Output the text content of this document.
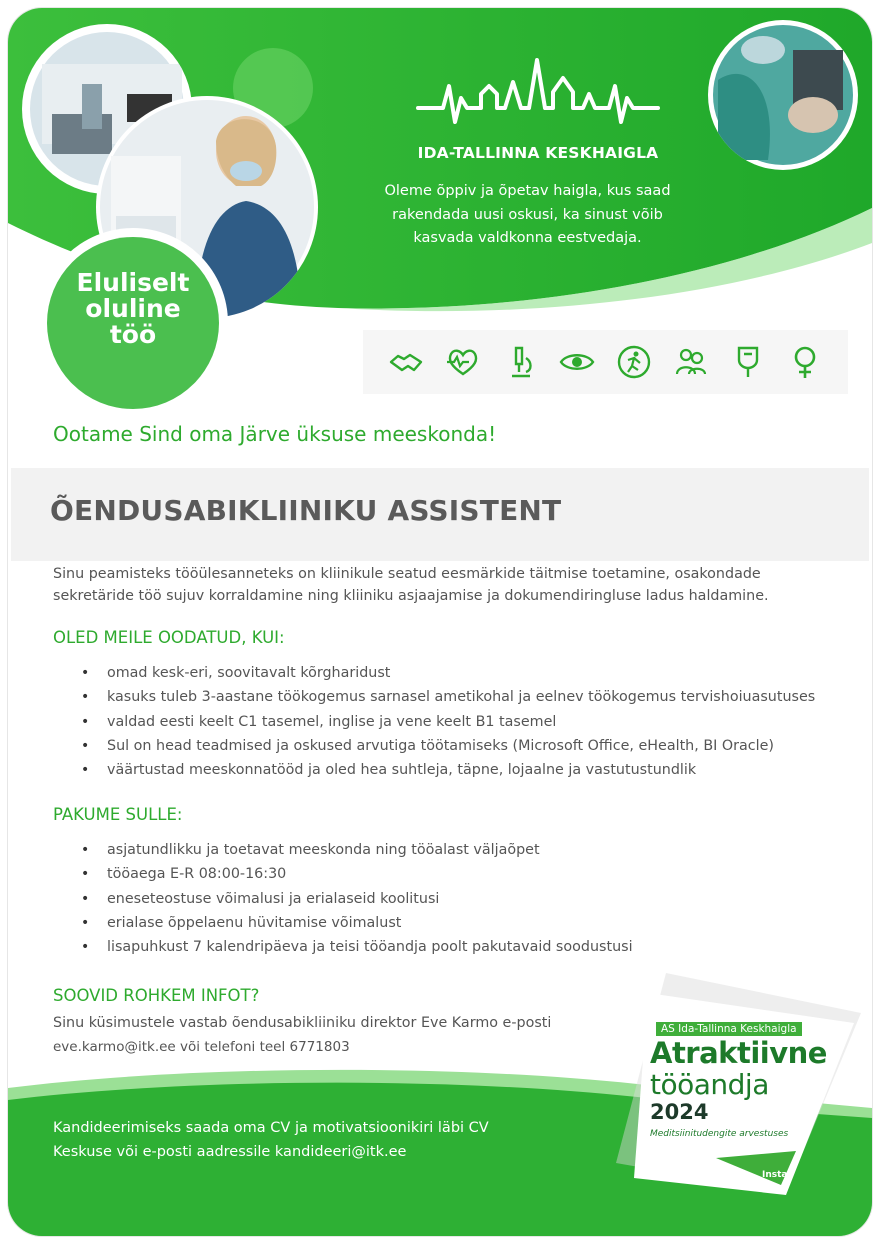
Eluliselt
oluline
töö
IDA-TALLINNA KESKHAIGLA
Oleme õppiv ja õpetav haigla, kus saad rakendada uusi oskusi, ka sinust võib kasvada valdkonna eestvedaja.
Ootame Sind oma Järve üksuse meeskonda!
ÕENDUSABIKLIINIKU ASSISTENT
Sinu peamisteks tööülesanneteks on kliinikule seatud eesmärkide täitmise toetamine, osakondade sekretäride töö sujuv korraldamine ning kliiniku asjaajamise ja dokumendiringluse ladus haldamine.
OLED MEILE OODATUD, KUI:
• omad kesk-eri, soovitavalt kõrgharidust
• kasuks tuleb 3-aastane töökogemus sarnasel ametikohal ja eelnev töökogemus tervishoiuasutuses
• valdad eesti keelt C1 tasemel, inglise ja vene keelt B1 tasemel
• Sul on head teadmised ja oskused arvutiga töötamiseks (Microsoft Office, eHealth, BI Oracle)
• väärtustad meeskonnatööd ja oled hea suhtleja, täpne, lojaalne ja vastutustundlik
PAKUME SULLE:
• asjatundlikku ja toetavat meeskonda ning tööalast väljaõpet
• tööaega E-R 08:00-16:30
• eneseteostuse võimalusi ja erialaseid koolitusi
• erialase õppelaenu hüvitamise võimalust
• lisapuhkust 7 kalendripäeva ja teisi tööandja poolt pakutavaid soodustusi
SOOVID ROHKEM INFOT?
Sinu küsimustele vastab õendusabikliiniku direktor Eve Karmo e-posti
eve.karmo@itk.ee või telefoni teel 6771803
Kandideerimiseks saada oma CV ja motivatsioonikiri läbi CV
Keskuse või e-posti aadressile kandideeri@itk.ee
AS Ida-Tallinna Keskhaigla
Atraktiivne
tööandja
2024
Meditsiinitudengite arvestuses
Instar
